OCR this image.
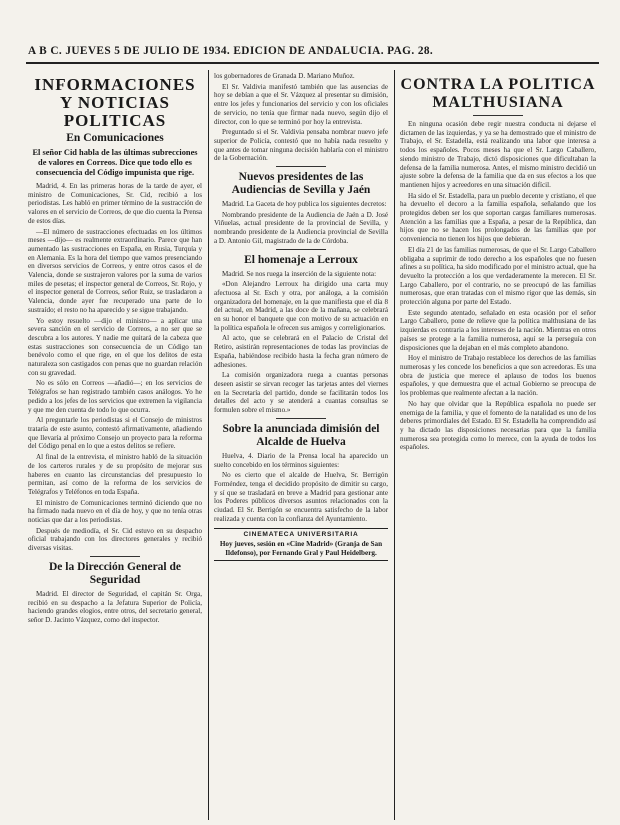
A B C. JUEVES 5 DE JULIO DE 1934. EDICION DE ANDALUCIA. PAG. 28.
INFORMACIONES
Y NOTICIAS POLITICAS
En Comunicaciones
El señor Cid habla de las últimas subrecciones de valores en Correos. Dice que todo ello es consecuencia del Código impunista que rige.

Madrid, 4. En las primeras horas de la tarde de ayer, el ministro de Comunicaciones, Sr. Cid, recibió a los periodistas. Les habló en primer término de la sustracción de valores en el servicio de Correos, de que dio cuenta la Prensa de estos días.

—El número de sustracciones efectuadas en los últimos meses —dijo— es realmente extraordinario. Parece que han aumentado las sustracciones en España, en Rusia, Turquía y en Alemania. Es la hora del tiempo que vamos presenciando en diversos servicios de Correos, y entre otros casos el de Valencia, donde se sustrajeron valores por la suma de varios miles de pesetas; el inspector general de Correos, Sr. Rojo, y el inspector general de Correos, señor Ruiz, se trasladaron a Valencia, donde ayer fue recuperado una parte de lo sustraído; el resto no ha aparecido y se sigue trabajando.

Yo estoy resuelto —dijo el ministro— a aplicar una severa sanción en el servicio de Correos, a no ser que se descubra a los autores. Y nadie me quitará de la cabeza que estas sustracciones son consecuencia de un Código tan benévolo como el que rige, en el que los delitos de esta naturaleza son castigados con penas que no guardan relación con su gravedad.

No es sólo en Correos —añadió—; en los servicios de Telégrafos se han registrado también casos análogos. Yo he pedido a los jefes de los servicios que extremen la vigilancia y que me den cuenta de todo lo que ocurra.

Al preguntarle los periodistas si el Consejo de ministros trataría de este asunto, contestó afirmativamente, añadiendo que llevaría al próximo Consejo un proyecto para la reforma del Código penal en lo que a estos delitos se refiere.

Al final de la entrevista, el ministro habló de la situación de los carteros rurales y de su propósito de mejorar sus haberes en cuanto las circunstancias del presupuesto lo permitan, así como de la reforma de los servicios de Telégrafos y Teléfonos en toda España.

El ministro de Comunicaciones terminó diciendo que no ha firmado nada nuevo en el día de hoy, y que no tenía otras noticias que dar a los periodistas.

Después de mediodía, el Sr. Cid estuvo en su despacho oficial trabajando con los directores generales y recibió diversas visitas.

De la Dirección General de Seguridad

Madrid. El director de Seguridad, el capitán Sr. Orga, recibió en su despacho a la Jefatura Superior de Policía, haciendo grandes elogios, entre otros, del secretario general, señor D. Jacinto Vázquez, como del inspector.

los gobernadores de Granada D. Mariano Muñoz.

El Sr. Valdivia manifestó también que las ausencias de hoy se debían a que el Sr. Vázquez al presentar su dimisión, entre los jefes y funcionarios del servicio y con los oficiales de servicio, no tenía que firmar nada nuevo, según dijo el director, con lo que se terminó por hoy la entrevista.

Preguntado si el Sr. Valdivia pensaba nombrar nuevo jefe superior de Policía, contestó que no había nada resuelto y que antes de tomar ninguna decisión hablaría con el ministro de la Gobernación.

Nuevos presidentes de las Audiencias de Sevilla y Jaén

Madrid. La Gaceta de hoy publica los siguientes decretos:

Nombrando presidente de la Audiencia de Jaén a D. José Viñuelas, actual presidente de la provincial de Sevilla, y nombrando presidente de la Audiencia provincial de Sevilla a D. Antonio Gil, magistrado de la de Córdoba.

El homenaje a Lerroux

Madrid. Se nos ruega la inserción de la siguiente nota:

«Don Alejandro Lerroux ha dirigido una carta muy afectuosa al Sr. Esch y otra, por análoga, a la comisión organizadora del homenaje, en la que manifiesta que el día 8 del actual, en Madrid, a las doce de la mañana, se celebrará en su honor el banquete que con motivo de su actuación en la política española le ofrecen sus amigos y correligionarios.

Al acto, que se celebrará en el Palacio de Cristal del Retiro, asistirán representaciones de todas las provincias de España, habiéndose recibido hasta la fecha gran número de adhesiones.

La comisión organizadora ruega a cuantas personas deseen asistir se sirvan recoger las tarjetas antes del viernes en la Secretaría del partido, donde se facilitarán todos los detalles del acto y se atenderá a cuantas consultas se formulen sobre el mismo.»

Sobre la anunciada dimisión del Alcalde de Huelva

Huelva, 4. Diario de la Prensa local ha aparecido un suelto concebido en los términos siguientes:

No es cierto que el alcalde de Huelva, Sr. Berrigón Forméndez, tenga el decidido propósito de dimitir su cargo, y sí que se trasladará en breve a Madrid para gestionar ante los Poderes públicos diversos asuntos relacionados con la ciudad. El Sr. Berrigón se encuentra satisfecho de la labor realizada y cuenta con la confianza del Ayuntamiento.

CINEMATECA UNIVERSITARIA
Hoy jueves, sesión en «Cine Madrid» (Granja de San Ildefonso), por Fernando Gral y Paul Heidelberg.
CONTRA LA POLITICA
MALTHUSIANA

En ninguna ocasión debe regir nuestra conducta ni dejarse el dictamen de las izquierdas, y ya se ha demostrado que el ministro de Trabajo, el Sr. Estadella, está realizando una labor que interesa a todos los españoles. Pocos meses ha que el Sr. Largo Caballero, siendo ministro de Trabajo, dictó disposiciones que dificultaban la defensa de la familia numerosa. Antes, el mismo ministro decidió un ajuste sobre la defensa de la familia que da en sus efectos a los que mantienen hijos y acreedores en una situación difícil.

Ha sido el Sr. Estadella, para un pueblo decente y cristiano, el que ha devuelto el decoro a la familia española, señalando que los protegidos deben ser los que soportan cargas familiares numerosas. Atención a las familias que a España, a pesar de la República, dan hijos que no se hacen los prolongados de las familias que por conveniencia no tienen los hijos que debieran.

El día 21 de las familias numerosas, de que el Sr. Largo Caballero obligaba a suprimir de todo derecho a los españoles que no fuesen afines a su política, ha sido modificado por el ministro actual, que ha devuelto la protección a los que verdaderamente la merecen. El Sr. Largo Caballero, por el contrario, no se preocupó de las familias numerosas, que eran tratadas con el mismo rigor que las demás, sin protección alguna por parte del Estado.

Este segundo atentado, señalado en esta ocasión por el señor Largo Caballero, pone de relieve que la política malthusiana de las izquierdas es contraria a los intereses de la nación. Mientras en otros países se protege a la familia numerosa, aquí se la perseguía con disposiciones que la dejaban en el más completo abandono.

Hoy el ministro de Trabajo restablece los derechos de las familias numerosas y les concede los beneficios a que son acreedoras. Es una obra de justicia que merece el aplauso de todos los buenos españoles, y que demuestra que el actual Gobierno se preocupa de los problemas que realmente afectan a la nación.

No hay que olvidar que la República española no puede ser enemiga de la familia, y que el fomento de la natalidad es uno de los deberes primordiales del Estado. El Sr. Estadella ha comprendido así y ha dictado las disposiciones necesarias para que la familia numerosa sea protegida como lo merece, con la ayuda de todos los españoles.
